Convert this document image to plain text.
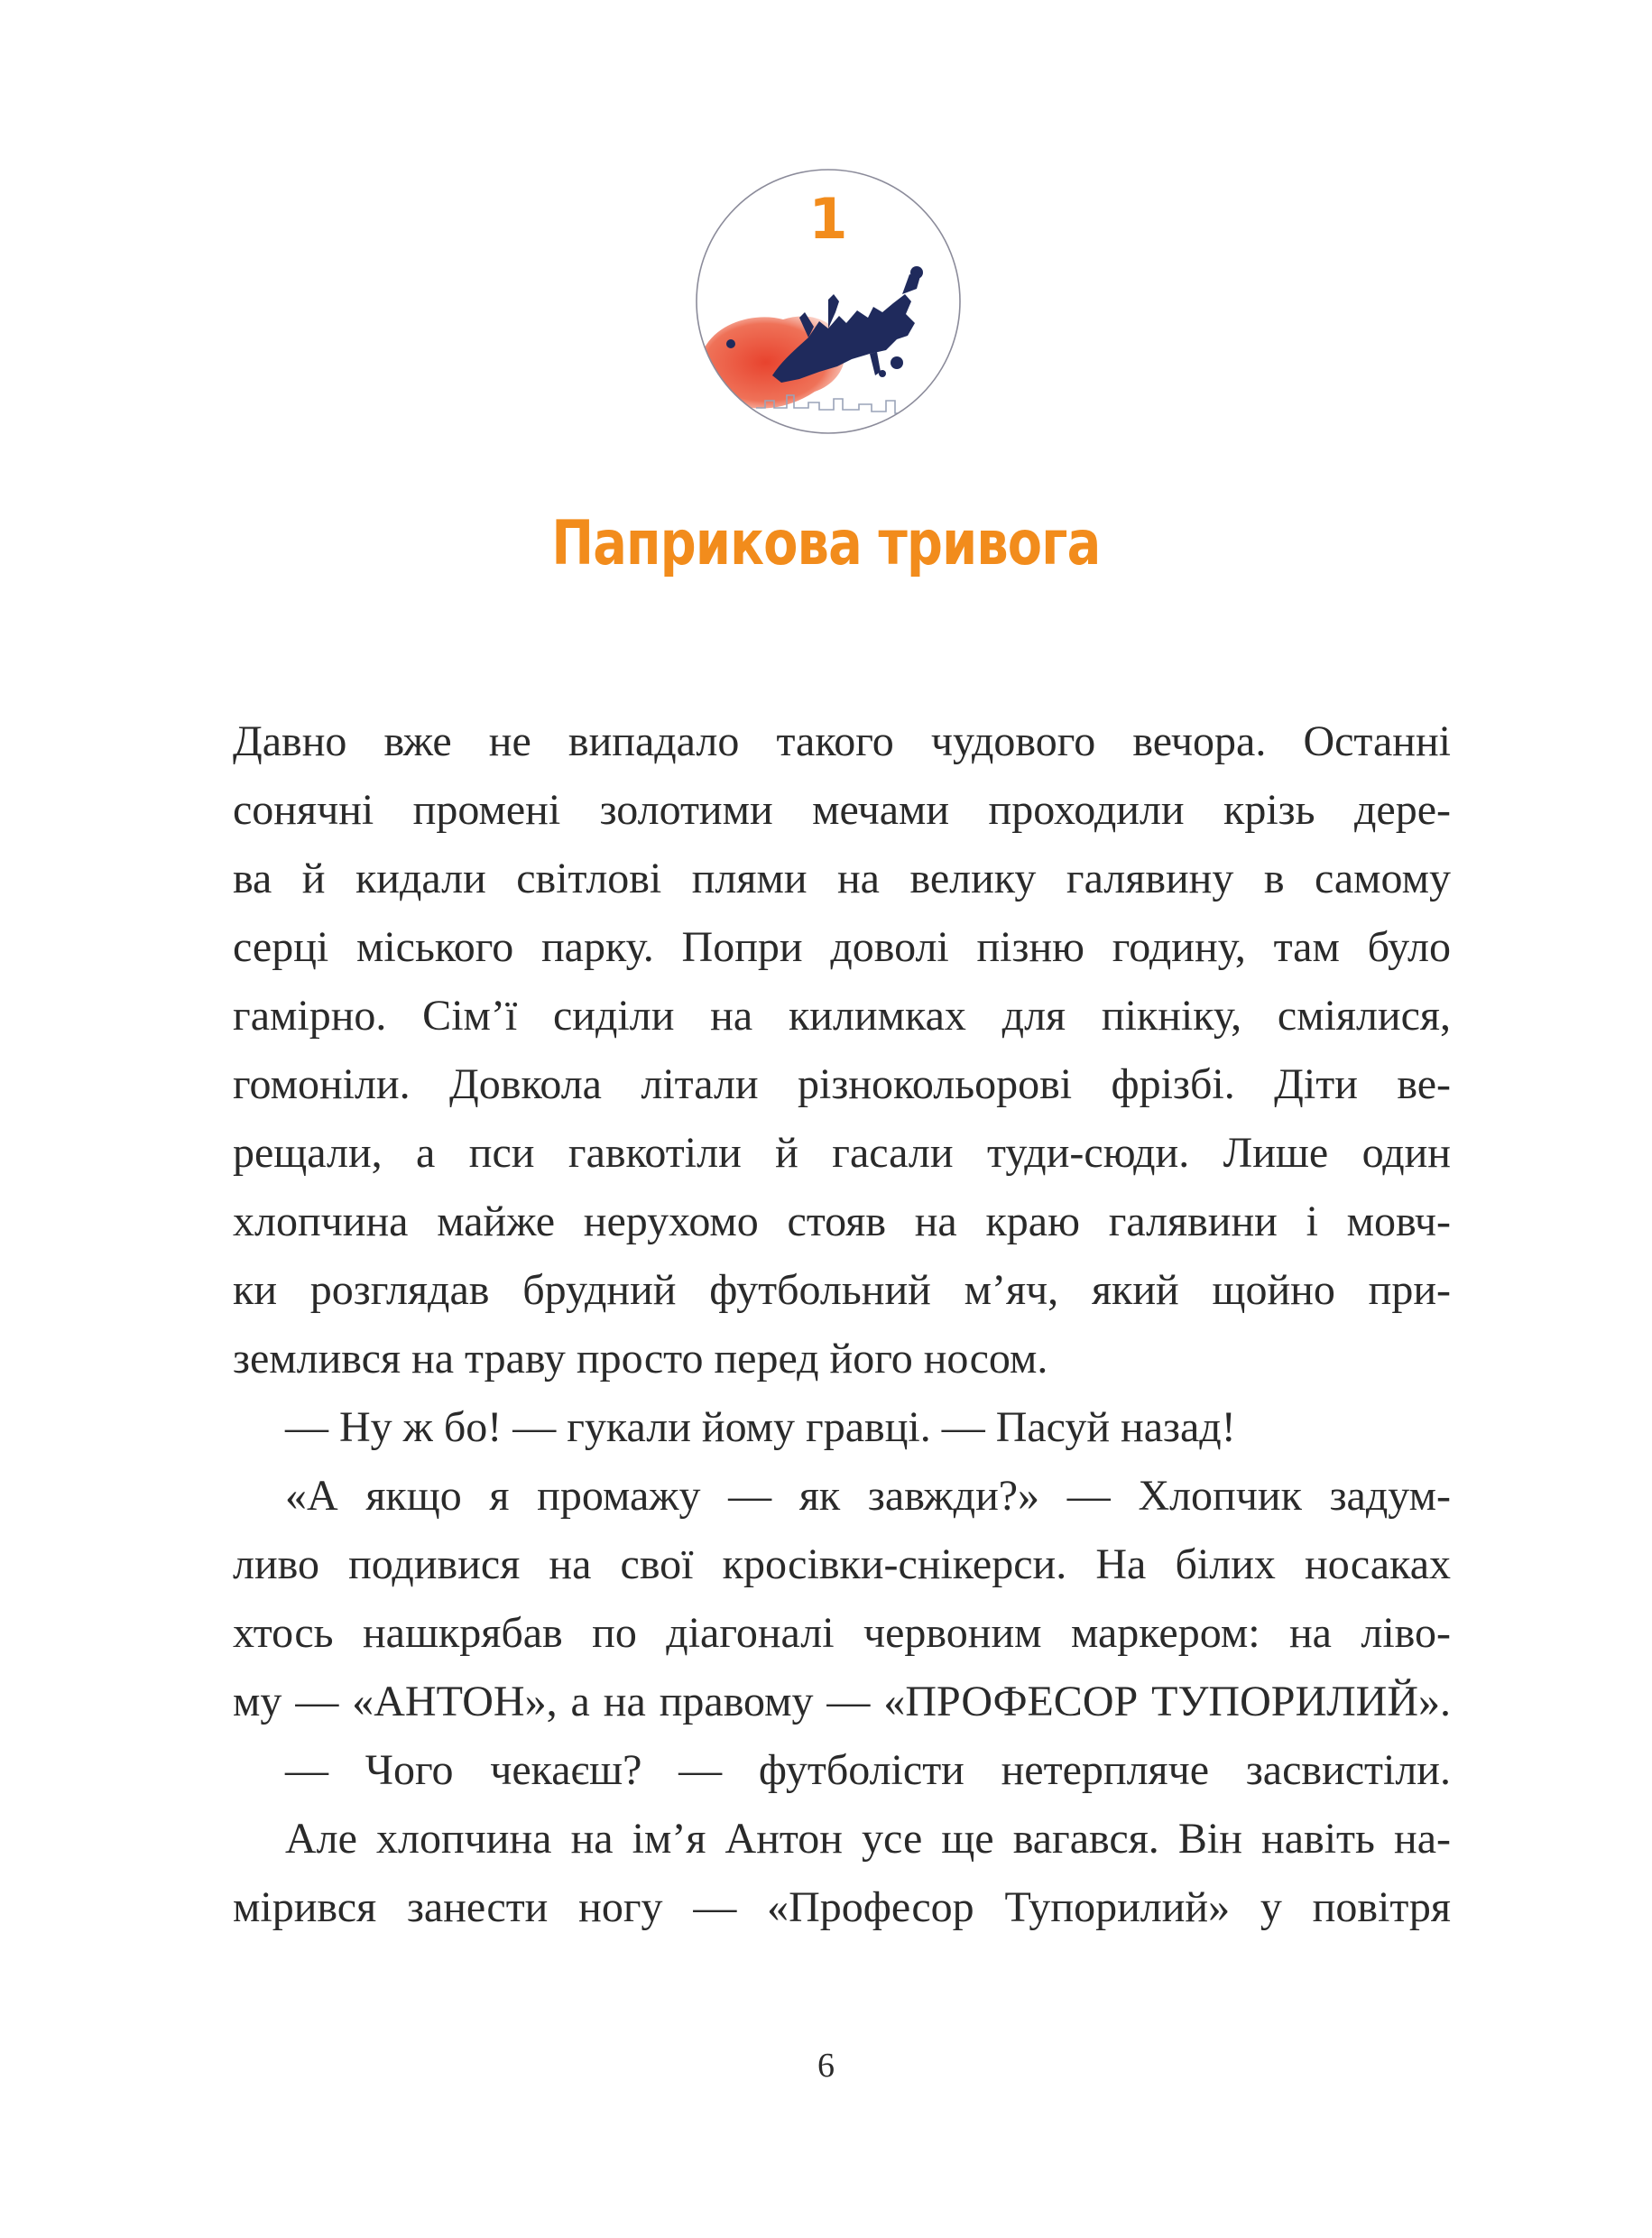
1
Паприкова тривога
Давно вже не випадало такого чудового вечора. Останні
сонячні промені золотими мечами проходили крізь дере-
ва й кидали світлові плями на велику галявину в самому
серці міського парку. Попри доволі пізню годину, там було
гамірно. Сім’ї сиділи на килимках для пікніку, сміялися,
гомоніли. Довкола літали різнокольорові фрізбі. Діти ве-
рещали, а пси гавкотіли й гасали туди-сюди. Лише один
хлопчина майже нерухомо стояв на краю галявини і мовч-
ки розглядав брудний футбольний м’яч, який щойно при-
землився на траву просто перед його носом.
— Ну ж бо! — гукали йому гравці. — Пасуй назад!
«А якщо я промажу — як завжди?» — Хлопчик задум-
ливо подивися на свої кросівки-снікерси. На білих носаках
хтось нашкрябав по діагоналі червоним маркером: на ліво-
му — «АНТОН», а на правому — «ПРОФЕСОР ТУПОРИЛИЙ».
— Чого чекаєш? — футболісти нетерпляче засвистіли.
Але хлопчина на ім’я Антон усе ще вагався. Він навіть на-
мірився занести ногу — «Професор Тупорилий» у повітря
6
